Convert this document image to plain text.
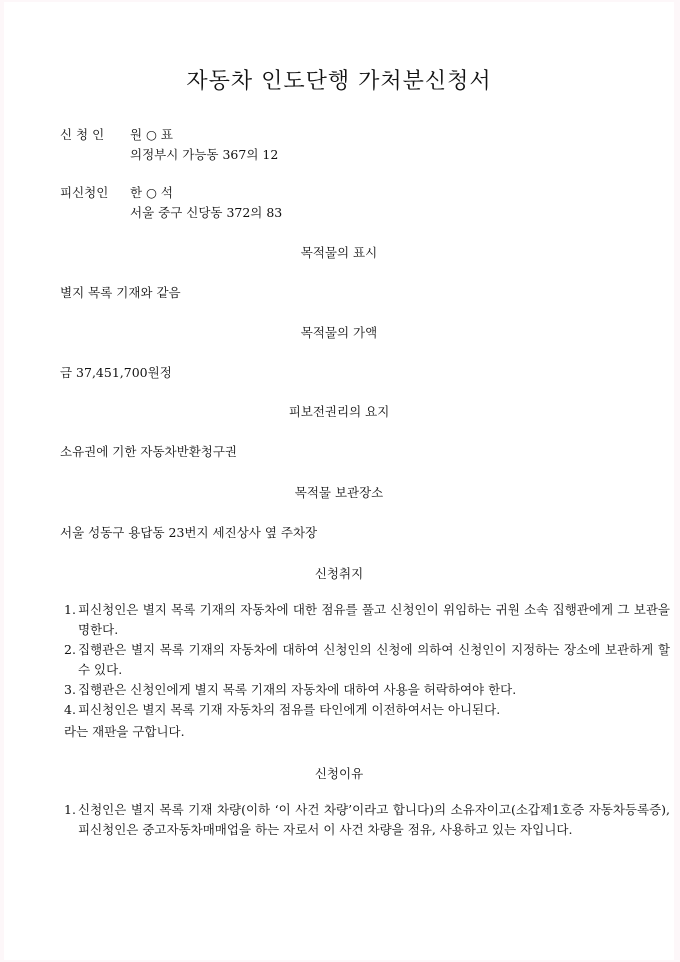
자동차 인도단행 가처분신청서
신 청 인 원 ○ 표
의정부시 가능동 367의 12
피신청인 한 ○ 석
서울 중구 신당동 372의 83
목적물의 표시
별지 목록 기재와 같음
목적물의 가액
금 37,451,700원정
피보전권리의 요지
소유권에 기한 자동차반환청구권
목적물 보관장소
서울 성동구 용답동 23번지 세진상사 옆 주차장
신청취지
1. 피신청인은 별지 목록 기재의 자동차에 대한 점유를 풀고 신청인이 위임하는 귀원 소속 집행관에게 그 보관을 명한다.
2. 집행관은 별지 목록 기재의 자동차에 대하여 신청인의 신청에 의하여 신청인이 지정하는 장소에 보관하게 할 수 있다.
3. 집행관은 신청인에게 별지 목록 기재의 자동차에 대하여 사용을 허락하여야 한다.
4. 피신청인은 별지 목록 기재 자동차의 점유를 타인에게 이전하여서는 아니된다.
라는 재판을 구합니다.
신청이유
1. 신청인은 별지 목록 기재 차량(이하 ‘이 사건 차량’이라고 합니다)의 소유자이고(소갑제1호증 자동차등록증), 피신청인은 중고자동차매매업을 하는 자로서 이 사건 차량을 점유, 사용하고 있는 자입니다.
